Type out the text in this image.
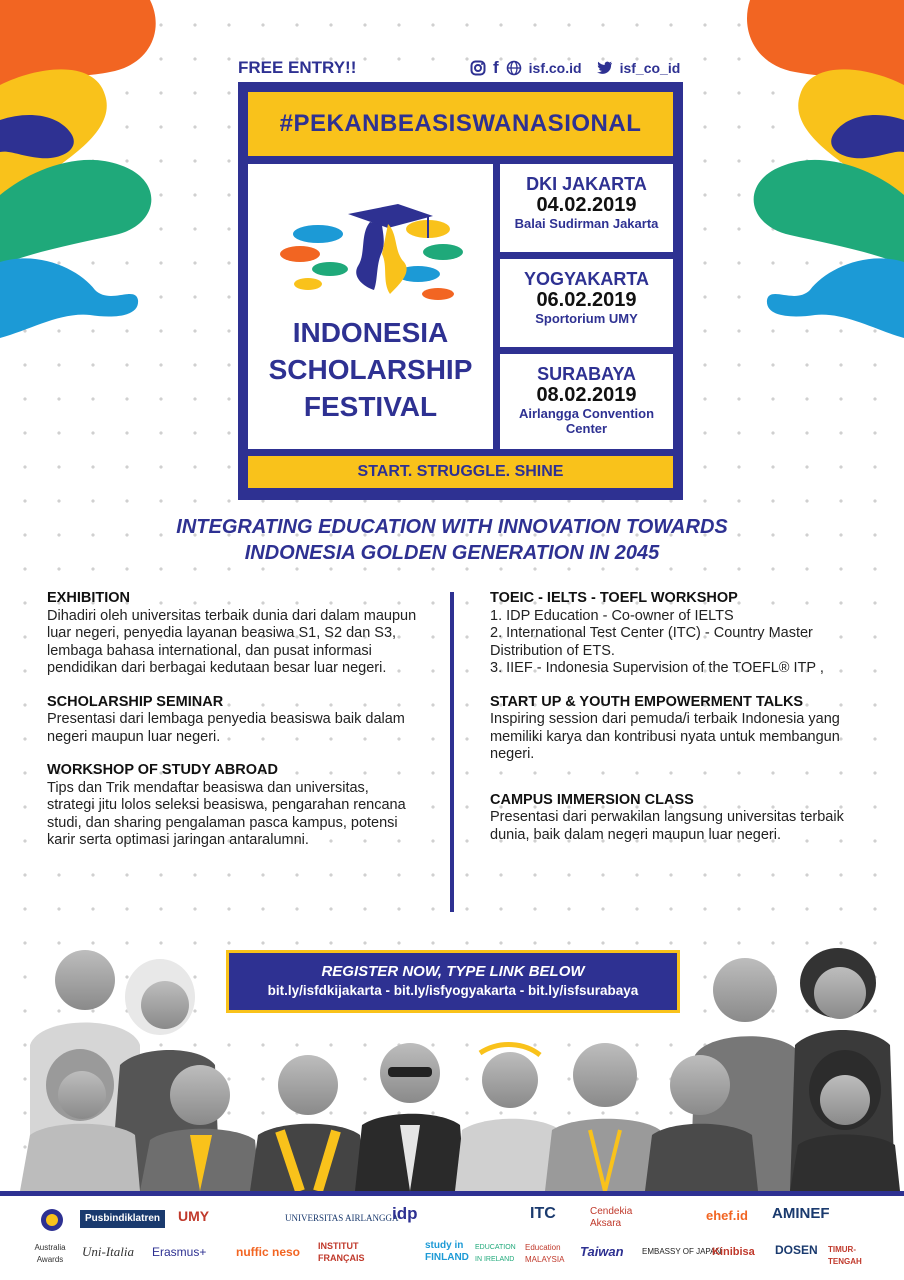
FREE ENTRY!!	f isf.co.id	isf_co_id
#PEKANBEASISWANASIONAL
INDONESIA
SCHOLARSHIP
FESTIVAL
DKI JAKARTA
04.02.2019
Balai Sudirman Jakarta
YOGYAKARTA
06.02.2019
Sportorium UMY
SURABAYA
08.02.2019
Airlangga Convention Center
START. STRUGGLE. SHINE
INTEGRATING EDUCATION WITH INNOVATION TOWARDS
INDONESIA GOLDEN GENERATION IN 2045
EXHIBITION

Dihadiri oleh universitas terbaik dunia dari dalam maupun luar negeri, penyedia layanan beasiwa S1, S2 dan S3, lembaga bahasa international, dan pusat informasi pendidikan dari berbagai kedutaan besar luar negeri.

SCHOLARSHIP SEMINAR

Presentasi dari lembaga penyedia beasiswa baik dalam negeri maupun luar negeri.

WORKSHOP OF STUDY ABROAD

Tips dan Trik mendaftar beasiswa dan universitas, strategi jitu lolos seleksi beasiswa, pengarahan rencana studi, dan sharing pengalaman pasca kampus, potensi karir serta optimasi jaringan antaralumni.

TOEIC - IELTS - TOEFL WORKSHOP

1. IDP Education - Co-owner of IELTS

2. International Test Center (ITC) - Country Master Distribution of ETS.

3. IIEF - Indonesia Supervision of the TOEFL® ITP ,

START UP & YOUTH EMPOWERMENT TALKS

Inspiring session dari pemuda/i terbaik Indonesia yang memiliki karya dan kontribusi nyata untuk membangun negeri.

CAMPUS IMMERSION CLASS

Presentasi dari perwakilan langsung universitas terbaik dunia, baik dalam negeri maupun luar negeri.

REGISTER NOW, TYPE LINK BELOW
bit.ly/isfdkijakarta - bit.ly/isfyogyakarta - bit.ly/isfsurabaya
Pusbindiklatren	UMY	UNIVERSITAS AIRLANGGA
idp	ITC	Cendekia Aksara
AMINEF
ehef.id
Australia Awards
Uni-Italia Erasmus+ nuffic neso INSTITUT FRANÇAIS
study in FINLAND
EDUCATION IN IRELAND
Education MALAYSIA
Taiwan EMBASSY OF JAPAN
Kinibisa DOSEN TIMUR-TENGAH
